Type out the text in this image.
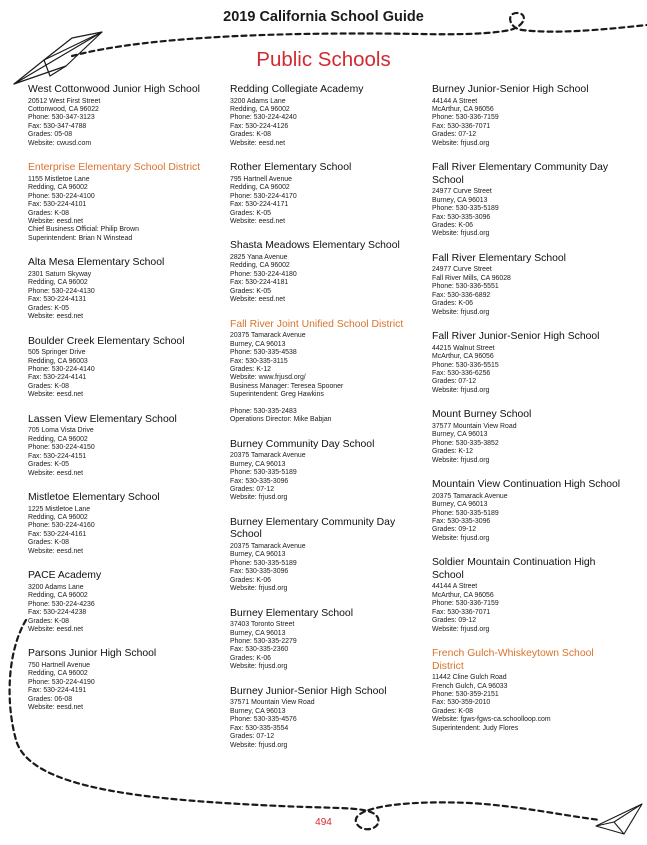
2019 California School Guide
Public Schools
West Cottonwood Junior High School
20512 West First Street
Cottonwood, CA 96022
Phone: 530-347-3123
Fax: 530-347-4788
Grades: 05-08
Website: cwusd.com
Enterprise Elementary School District
1155 Mistletoe Lane
Redding, CA 96002
Phone: 530-224-4100
Fax: 530-224-4101
Grades: K-08
Website: eesd.net
Chief Business Official: Philip Brown
Superintendent: Brian N Winstead
Alta Mesa Elementary School
2301 Saturn Skyway
Redding, CA 96002
Phone: 530-224-4130
Fax: 530-224-4131
Grades: K-05
Website: eesd.net
Boulder Creek Elementary School
505 Springer Drive
Redding, CA 96003
Phone: 530-224-4140
Fax: 530-224-4141
Grades: K-08
Website: eesd.net
Lassen View Elementary School
705 Loma Vista Drive
Redding, CA 96002
Phone: 530-224-4150
Fax: 530-224-4151
Grades: K-05
Website: eesd.net
Mistletoe Elementary School
1225 Mistletoe Lane
Redding, CA 96002
Phone: 530-224-4160
Fax: 530-224-4161
Grades: K-08
Website: eesd.net
PACE Academy
3200 Adams Lane
Redding, CA 96002
Phone: 530-224-4236
Fax: 530-224-4238
Grades: K-08
Website: eesd.net
Parsons Junior High School
750 Hartnell Avenue
Redding, CA 96002
Phone: 530-224-4190
Fax: 530-224-4191
Grades: 06-08
Website: eesd.net
Redding Collegiate Academy
3200 Adams Lane
Redding, CA 96002
Phone: 530-224-4240
Fax: 530-224-4126
Grades: K-08
Website: eesd.net
Rother Elementary School
795 Hartnell Avenue
Redding, CA 96002
Phone: 530-224-4170
Fax: 530-224-4171
Grades: K-05
Website: eesd.net
Shasta Meadows Elementary School
2825 Yana Avenue
Redding, CA 96002
Phone: 530-224-4180
Fax: 530-224-4181
Grades: K-05
Website: eesd.net
Fall River Joint Unified School District
20375 Tamarack Avenue
Burney, CA 96013
Phone: 530-335-4538
Fax: 530-335-3115
Grades: K-12
Website: www.frjusd.org/
Business Manager: Teresea Spooner
Superintendent: Greg Hawkins
Phone: 530-335-2483
Operations Director: Mike Babjan
Burney Community Day School
20375 Tamarack Avenue
Burney, CA 96013
Phone: 530-335-5189
Fax: 530-335-3096
Grades: 07-12
Website: frjusd.org
Burney Elementary Community Day School
20375 Tamarack Avenue
Burney, CA 96013
Phone: 530-335-5189
Fax: 530-335-3096
Grades: K-06
Website: frjusd.org
Burney Elementary School
37403 Toronto Street
Burney, CA 96013
Phone: 530-335-2279
Fax: 530-335-2360
Grades: K-06
Website: frjusd.org
Burney Junior-Senior High School
37571 Mountain View Road
Burney, CA 96013
Phone: 530-335-4576
Fax: 530-335-3554
Grades: 07-12
Website: frjusd.org
Burney Junior-Senior High School
44144 A Street
McArthur, CA 96056
Phone: 530-336-7159
Fax: 530-336-7071
Grades: 07-12
Website: frjusd.org
Fall River Elementary Community Day School
24977 Curve Street
Burney, CA 96013
Phone: 530-335-5189
Fax: 530-335-3096
Grades: K-06
Website: frjusd.org
Fall River Elementary School
24977 Curve Street
Fall River Mills, CA 96028
Phone: 530-336-5551
Fax: 530-336-6892
Grades: K-06
Website: frjusd.org
Fall River Junior-Senior High School
44215 Walnut Street
McArthur, CA 96056
Phone: 530-336-5515
Fax: 530-336-6256
Grades: 07-12
Website: frjusd.org
Mount Burney School
37577 Mountain View Road
Burney, CA 96013
Phone: 530-335-3852
Grades: K-12
Website: frjusd.org
Mountain View Continuation High School
20375 Tamarack Avenue
Burney, CA 96013
Phone: 530-335-5189
Fax: 530-335-3096
Grades: 09-12
Website: frjusd.org
Soldier Mountain Continuation High School
44144 A Street
McArthur, CA 96056
Phone: 530-336-7159
Fax: 530-336-7071
Grades: 09-12
Website: frjusd.org
French Gulch-Whiskeytown School District
11442 Cline Gulch Road
French Gulch, CA 96033
Phone: 530-359-2151
Fax: 530-359-2010
Grades: K-08
Website: fgws-fgws-ca.schoolloop.com
Superintendent: Judy Flores
494
